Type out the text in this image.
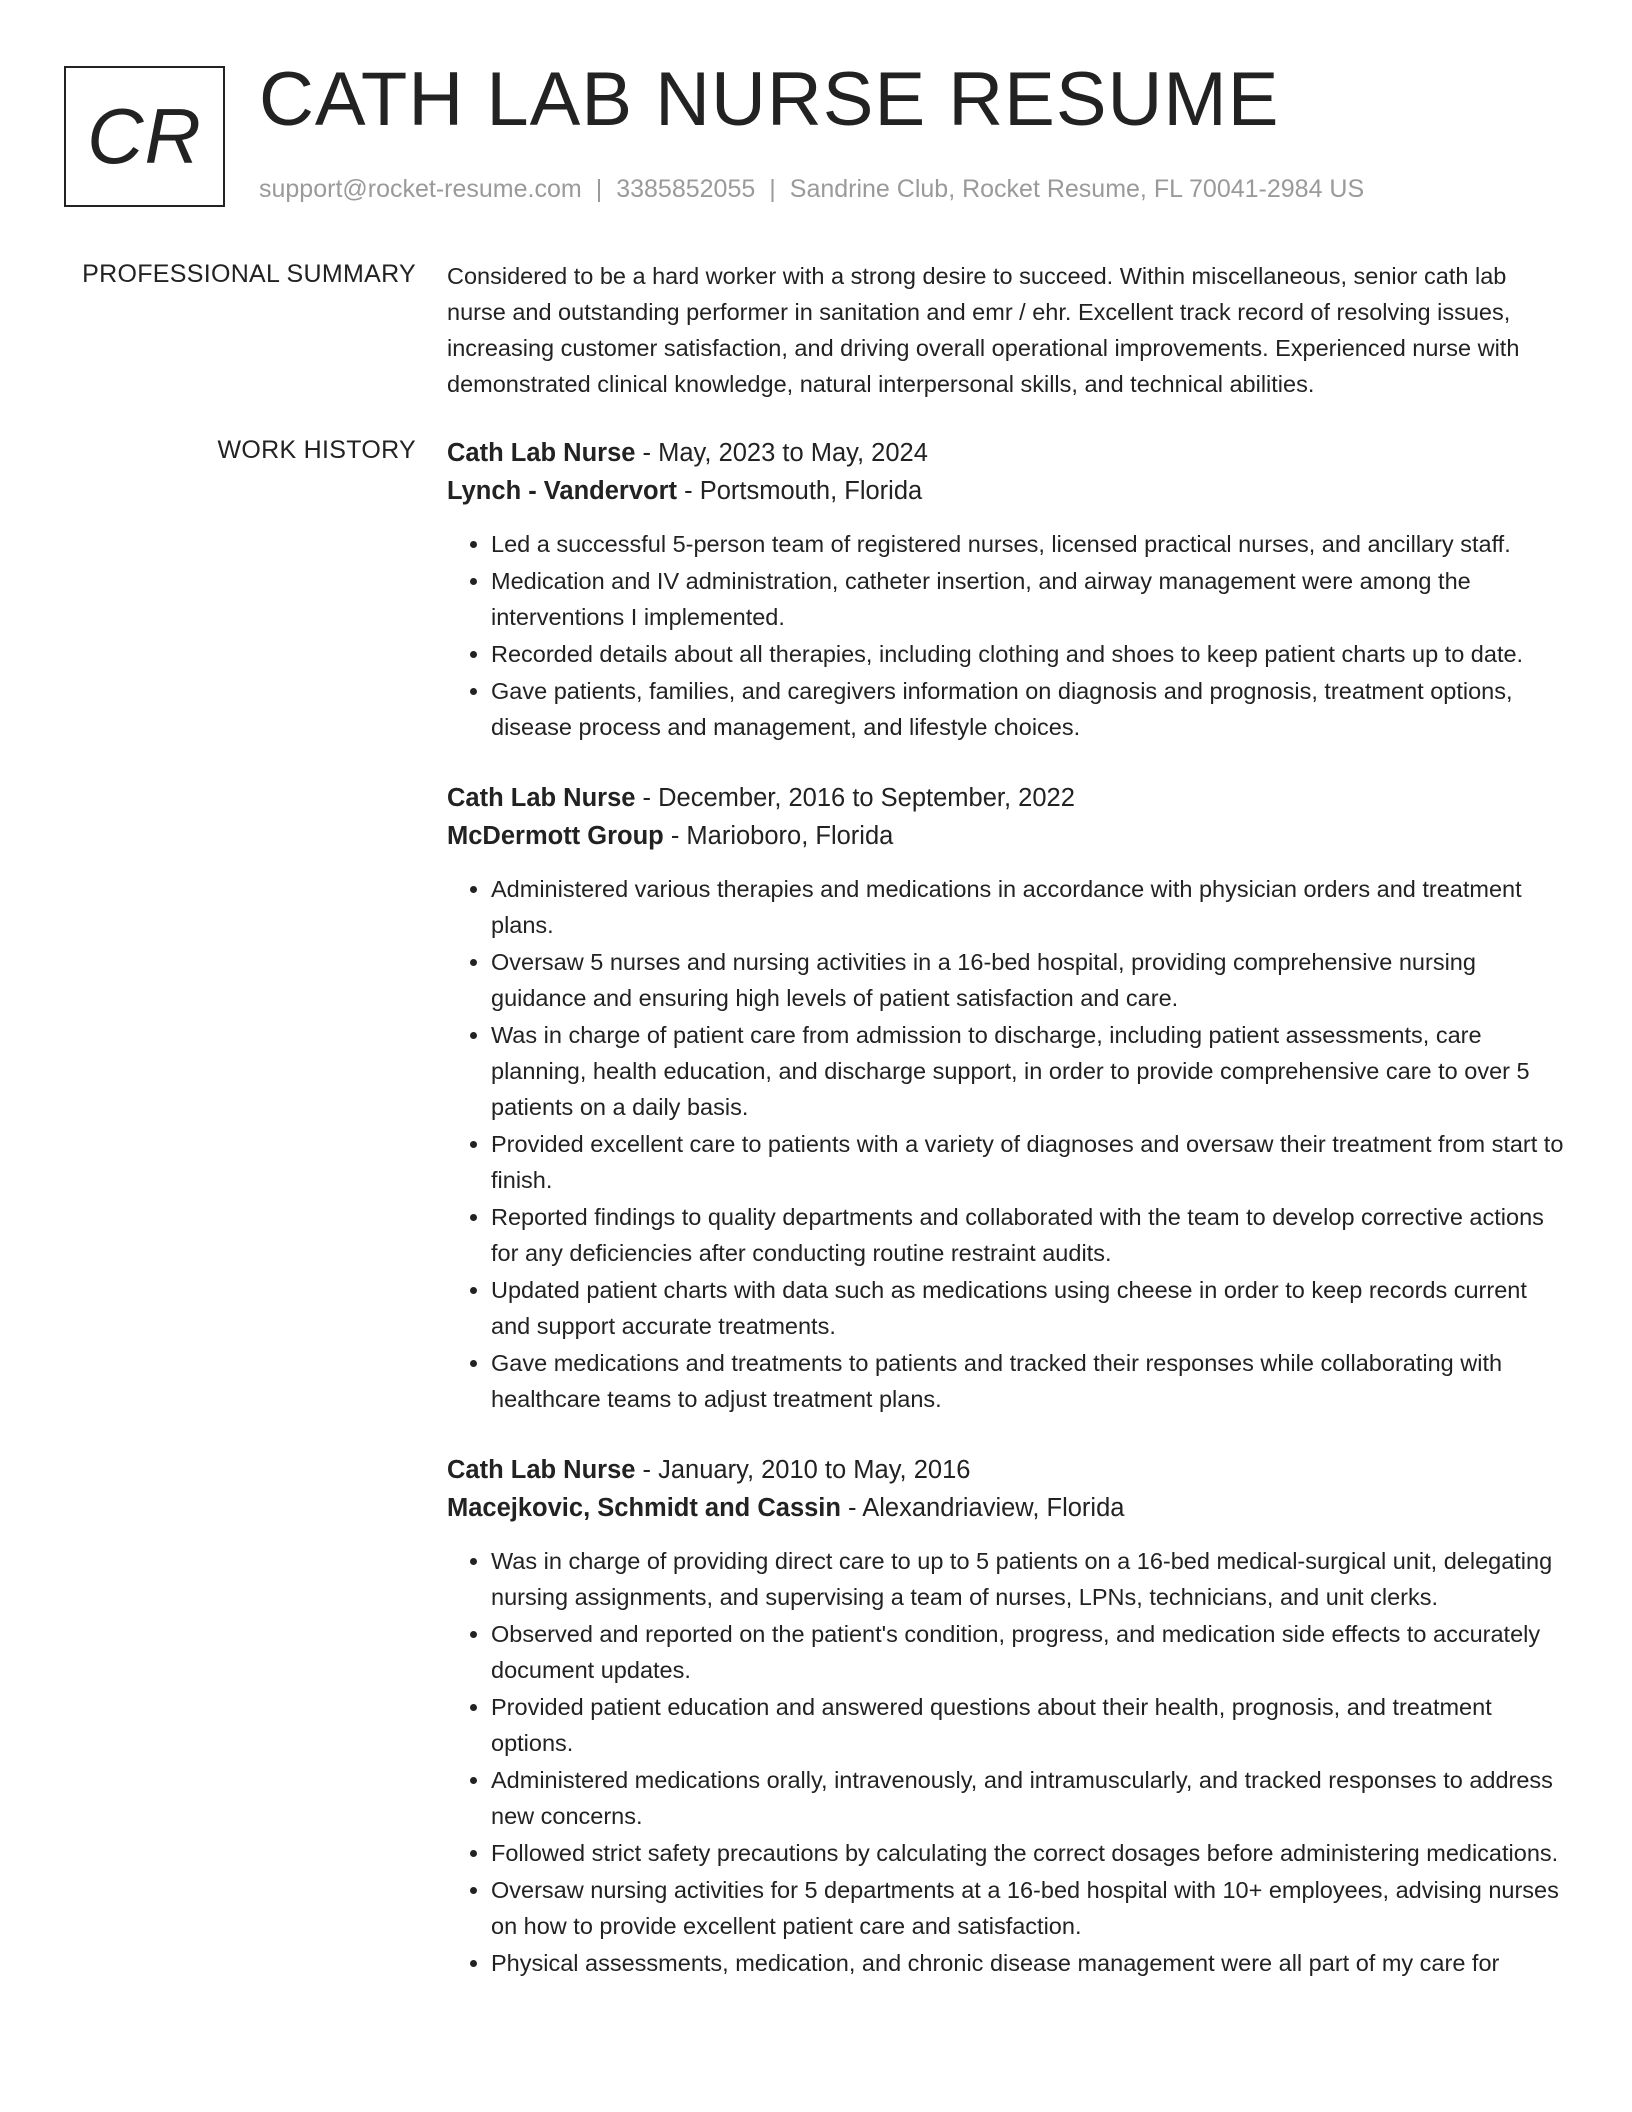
CR CATH LAB NURSE RESUME
support@rocket-resume.com | 3385852055 | Sandrine Club, Rocket Resume, FL 70041-2984 US
PROFESSIONAL SUMMARY Considered to be a hard worker with a strong desire to succeed. Within miscellaneous, senior cath lab nurse and outstanding performer in sanitation and emr / ehr. Excellent track record of resolving issues, increasing customer satisfaction, and driving overall operational improvements. Experienced nurse with demonstrated clinical knowledge, natural interpersonal skills, and technical abilities.
WORK HISTORY Cath Lab Nurse - May, 2023 to May, 2024
Lynch - Vandervort - Portsmouth, Florida
• Led a successful 5-person team of registered nurses, licensed practical nurses, and ancillary staff.
• Medication and IV administration, catheter insertion, and airway management were among the interventions I implemented.
• Recorded details about all therapies, including clothing and shoes to keep patient charts up to date.
• Gave patients, families, and caregivers information on diagnosis and prognosis, treatment options, disease process and management, and lifestyle choices.
Cath Lab Nurse - December, 2016 to September, 2022
McDermott Group - Marioboro, Florida
• Administered various therapies and medications in accordance with physician orders and treatment plans.
• Oversaw 5 nurses and nursing activities in a 16-bed hospital, providing comprehensive nursing guidance and ensuring high levels of patient satisfaction and care.
• Was in charge of patient care from admission to discharge, including patient assessments, care planning, health education, and discharge support, in order to provide comprehensive care to over 5 patients on a daily basis.
• Provided excellent care to patients with a variety of diagnoses and oversaw their treatment from start to finish.
• Reported findings to quality departments and collaborated with the team to develop corrective actions for any deficiencies after conducting routine restraint audits.
• Updated patient charts with data such as medications using cheese in order to keep records current and support accurate treatments.
• Gave medications and treatments to patients and tracked their responses while collaborating with healthcare teams to adjust treatment plans.
Cath Lab Nurse - January, 2010 to May, 2016
Macejkovic, Schmidt and Cassin - Alexandriaview, Florida
• Was in charge of providing direct care to up to 5 patients on a 16-bed medical-surgical unit, delegating nursing assignments, and supervising a team of nurses, LPNs, technicians, and unit clerks.
• Observed and reported on the patient's condition, progress, and medication side effects to accurately document updates.
• Provided patient education and answered questions about their health, prognosis, and treatment options.
• Administered medications orally, intravenously, and intramuscularly, and tracked responses to address new concerns.
• Followed strict safety precautions by calculating the correct dosages before administering medications.
• Oversaw nursing activities for 5 departments at a 16-bed hospital with 10+ employees, advising nurses on how to provide excellent patient care and satisfaction.
• Physical assessments, medication, and chronic disease management were all part of my care for
